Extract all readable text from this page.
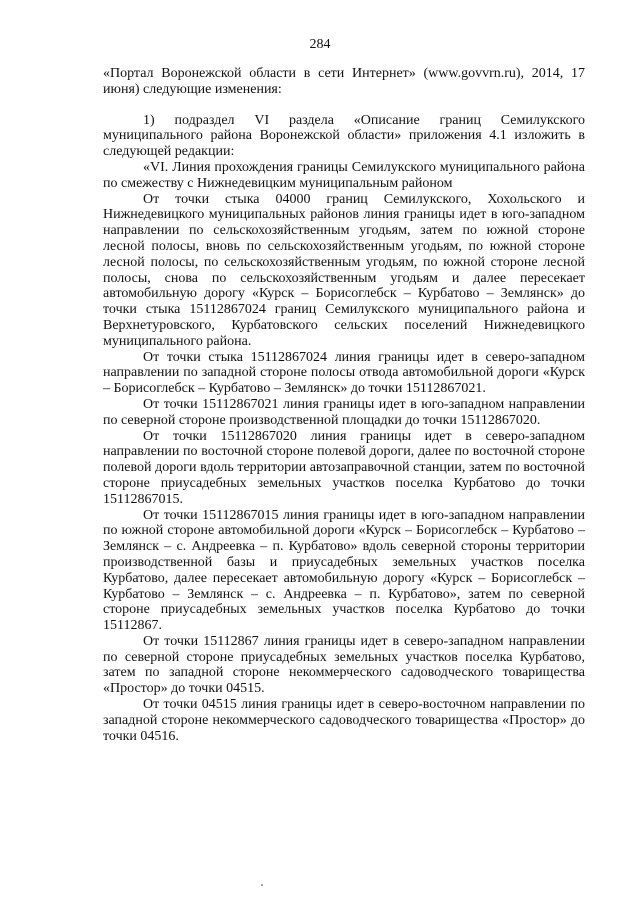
284

«Портал Воронежской области в сети Интернет» (www.govvrn.ru), 2014, 17 июня) следующие изменения:

1) подраздел VI раздела «Описание границ Семилукского муниципального района Воронежской области» приложения 4.1 изложить в следующей редакции:

«VI. Линия прохождения границы Семилукского муниципального района по смежеству с Нижнедевицким муниципальным районом

От точки стыка 04000 границ Семилукского, Хохольского и Нижнедевицкого муниципальных районов линия границы идет в юго-западном направлении по сельскохозяйственным угодьям, затем по южной стороне лесной полосы, вновь по сельскохозяйственным угодьям, по южной стороне лесной полосы, по сельскохозяйственным угодьям, по южной стороне лесной полосы, снова по сельскохозяйственным угодьям и далее пересекает автомобильную дорогу «Курск – Борисоглебск – Курбатово – Землянск» до точки стыка 15112867024 границ Семилукского муниципального района и Верхнетуровского, Курбатовского сельских поселений Нижнедевицкого муниципального района.

От точки стыка 15112867024 линия границы идет в северо-западном направлении по западной стороне полосы отвода автомобильной дороги «Курск – Борисоглебск – Курбатово – Землянск» до точки 15112867021.

От точки 15112867021 линия границы идет в юго-западном направлении по северной стороне производственной площадки до точки 15112867020.

От точки 15112867020 линия границы идет в северо-западном направлении по восточной стороне полевой дороги, далее по восточной стороне полевой дороги вдоль территории автозаправочной станции, затем по восточной стороне приусадебных земельных участков поселка Курбатово до точки 15112867015.

От точки 15112867015 линия границы идет в юго-западном направлении по южной стороне автомобильной дороги «Курск – Борисоглебск – Курбатово – Землянск – с. Андреевка – п. Курбатово» вдоль северной стороны территории производственной базы и приусадебных земельных участков поселка Курбатово, далее пересекает автомобильную дорогу «Курск – Борисоглебск – Курбатово – Землянск – с. Андреевка – п. Курбатово», затем по северной стороне приусадебных земельных участков поселка Курбатово до точки 15112867.

От точки 15112867 линия границы идет в северо-западном направлении по северной стороне приусадебных земельных участков поселка Курбатово, затем по западной стороне некоммерческого садоводческого товарищества «Простор» до точки 04515.

От точки 04515 линия границы идет в северо-восточном направлении по западной стороне некоммерческого садоводческого товарищества «Простор» до точки 04516.
